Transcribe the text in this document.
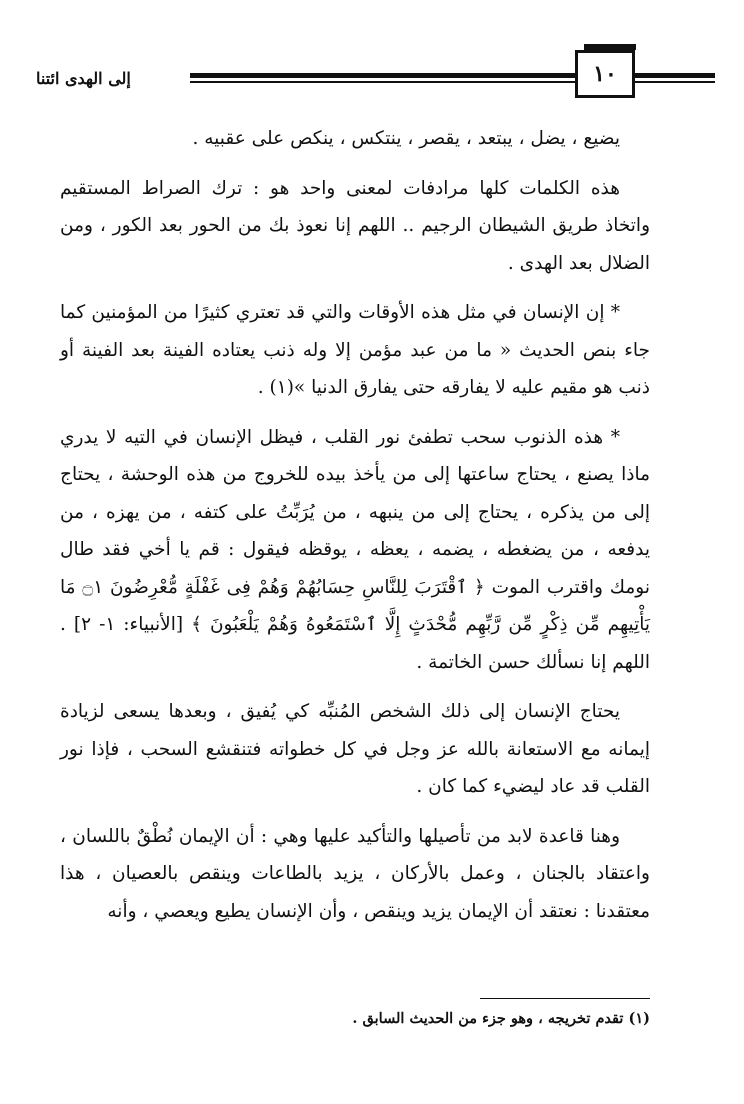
١٠
إلى الهدى ائتنا

يضيع ، يضل ، يبتعد ، يقصر ، ينتكس ، ينكص على عقبيه .

هذه الكلمات كلها مرادفات لمعنى واحد هو : ترك الصراط المستقيم واتخاذ طريق الشيطان الرجيم .. اللهم إنا نعوذ بك من الحور بعد الكور ، ومن الضلال بعد الهدى .

* إن الإنسان في مثل هذه الأوقات والتي قد تعتري كثيرًا من المؤمنين كما جاء بنص الحديث « ما من عبد مؤمن إلا وله ذنب يعتاده الفينة بعد الفينة أو ذنب هو مقيم عليه لا يفارقه حتى يفارق الدنيا »(١) .

* هذه الذنوب سحب تطفئ نور القلب ، فيظل الإنسان في التيه لا يدري ماذا يصنع ، يحتاج ساعتها إلى من يأخذ بيده للخروج من هذه الوحشة ، يحتاج إلى من يذكره ، يحتاج إلى من ينبهه ، من يُرَبِّتُ على كتفه ، من يهزه ، من يدفعه ، من يضغطه ، يضمه ، يعظه ، يوقظه فيقول : قم يا أخي فقد طال نومك واقترب الموت ﴿ ٱقْتَرَبَ لِلنَّاسِ حِسَابُهُمْ وَهُمْ فِى غَفْلَةٍ مُّعْرِضُونَ ۝١ مَا يَأْتِيهِم مِّن ذِكْرٍ مِّن رَّبِّهِم مُّحْدَثٍ إِلَّا ٱسْتَمَعُوهُ وَهُمْ يَلْعَبُونَ ﴾ [الأنبياء: ١- ٢] . اللهم إنا نسألك حسن الخاتمة .

يحتاج الإنسان إلى ذلك الشخص المُنبِّه كي يُفيق ، وبعدها يسعى لزيادة إيمانه مع الاستعانة بالله عز وجل في كل خطواته فتنقشع السحب ، فإذا نور القلب قد عاد ليضيء كما كان .

وهنا قاعدة لابد من تأصيلها والتأكيد عليها وهي : أن الإيمان نُطْقٌ باللسان ، واعتقاد بالجنان ، وعمل بالأركان ، يزيد بالطاعات وينقص بالعصيان ، هذا معتقدنا : نعتقد أن الإيمان يزيد وينقص ، وأن الإنسان يطيع ويعصي ، وأنه

(١) تقدم تخريجه ، وهو جزء من الحديث السابق .
